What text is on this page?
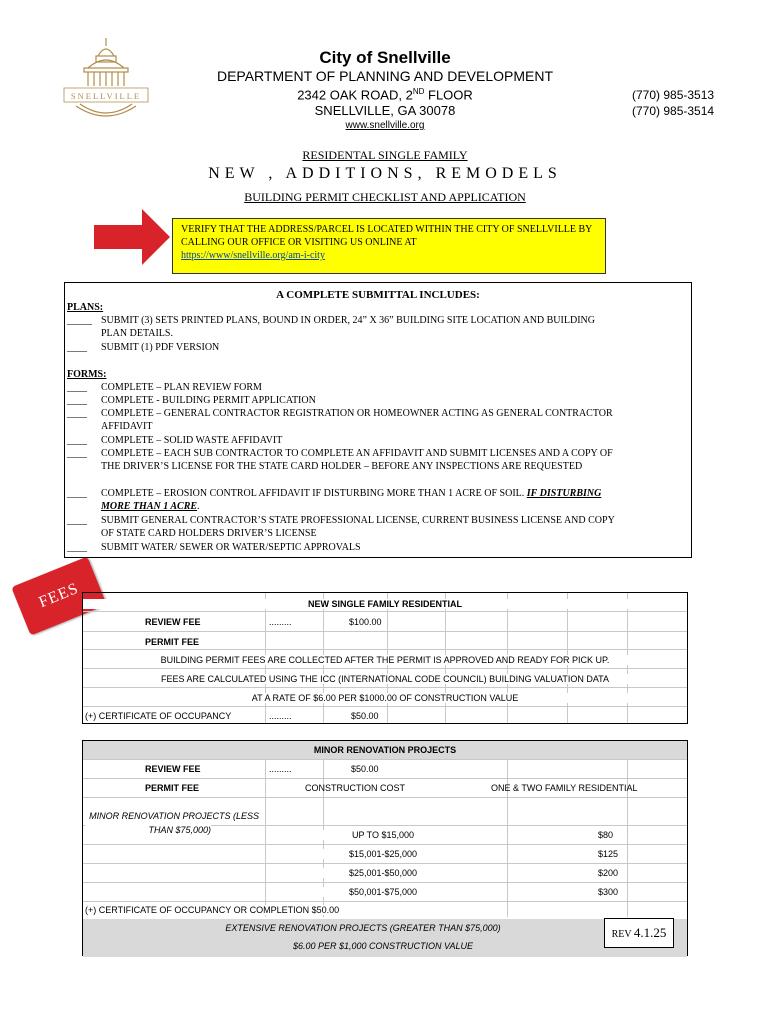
SNELLVILLE
City of Snellville
DEPARTMENT OF PLANNING AND DEVELOPMENT
2342 OAK ROAD, 2ND FLOOR
SNELLVILLE, GA 30078
www.snellville.org
(770) 985-3513
(770) 985-3514
RESIDENTAL SINGLE FAMILY
NEW , ADDITIONS, REMODELS
BUILDING PERMIT CHECKLIST AND APPLICATION
VERIFY THAT THE ADDRESS/PARCEL IS LOCATED WITHIN THE CITY OF SNELLVILLE BY CALLING OUR OFFICE OR VISITING US ONLINE AT
https://www/snellville.org/am-i-city
A COMPLETE SUBMITTAL INCLUDES:
PLANS:
_____ SUBMIT (3) SETS PRINTED PLANS, BOUND IN ORDER, 24” X 36” BUILDING SITE LOCATION AND BUILDING PLAN DETAILS.
____ SUBMIT (1) PDF VERSION
FORMS:
____ COMPLETE – PLAN REVIEW FORM
____ COMPLETE - BUILDING PERMIT APPLICATION
____ COMPLETE – GENERAL CONTRACTOR REGISTRATION OR HOMEOWNER ACTING AS GENERAL CONTRACTOR AFFIDAVIT
____ COMPLETE – SOLID WASTE AFFIDAVIT
____ COMPLETE – EACH SUB CONTRACTOR TO COMPLETE AN AFFIDAVIT AND SUBMIT LICENSES AND A COPY OF THE DRIVER’S LICENSE FOR THE STATE CARD HOLDER – BEFORE ANY INSPECTIONS ARE REQUESTED
____ COMPLETE – EROSION CONTROL AFFIDAVIT IF DISTURBING MORE THAN 1 ACRE OF SOIL. IF DISTURBING MORE THAN 1 ACRE.
____ SUBMIT GENERAL CONTRACTOR’S STATE PROFESSIONAL LICENSE, CURRENT BUSINESS LICENSE AND COPY OF STATE CARD HOLDERS DRIVER’S LICENSE
____ SUBMIT WATER/ SEWER OR WATER/SEPTIC APPROVALS
FEES	NEW SINGLE FAMILY RESIDENTIAL
REVIEW FEE	.........	$100.00
PERMIT FEE
BUILDING PERMIT FEES ARE COLLECTED AFTER THE PERMIT IS APPROVED AND READY FOR PICK UP.
FEES ARE CALCULATED USING THE ICC (INTERNATIONAL CODE COUNCIL) BUILDING VALUATION DATA
AT A RATE OF $6.00 PER $1000.00 OF CONSTRUCTION VALUE
(+) CERTIFICATE OF OCCUPANCY	.........	$50.00
MINOR RENOVATION PROJECTS
REVIEW FEE	.........	$50.00
PERMIT FEE	CONSTRUCTION COST	ONE & TWO FAMILY RESIDENTIAL
MINOR RENOVATION PROJECTS (LESS
THAN $75,000)	UP TO $15,000	$80
$15,001-$25,000	$125
$25,001-$50,000	$200
$50,001-$75,000	$300
(+) CERTIFICATE OF OCCUPANCY OR COMPLETION $50.00
EXTENSIVE RENOVATION PROJECTS (GREATER THAN $75,000)
$6.00 PER $1,000 CONSTRUCTION VALUE
REV 4.1.25
